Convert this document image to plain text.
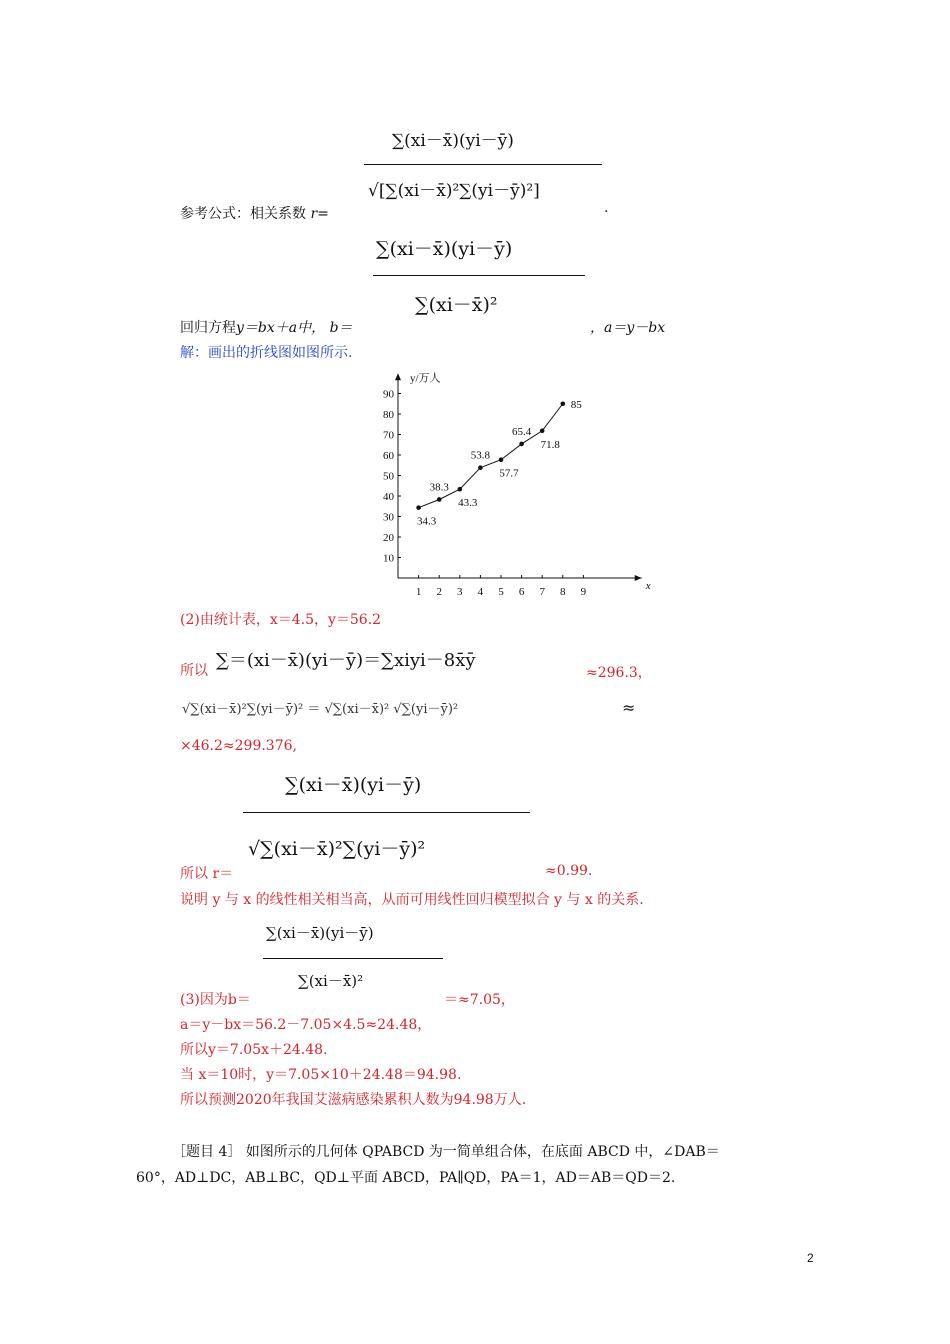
∑(xi－x̄)(yi－ȳ)
√[∑(xi－x̄)²∑(yi－ȳ)²]
参考公式：相关系数 r=	.
∑(xi－x̄)(yi－ȳ)
∑(xi－x̄)²
回归方程y＝bx＋a中， b＝	，a＝y－bx
解：画出的折线图如图所示.
y/万人
x
1 2 3 4 5 6 7 8 9
10
20
30
40
50
60
70
80
90
34.3
38.3
43.3
53.8
57.7
65.4
71.8
85
(2)由统计表，x＝4.5，y＝56.2
所以 ∑＝(xi－x̄)(yi－ȳ)＝∑xiyi－8x̄ȳ
≈296.3，
√∑(xi－x̄)²∑(yi－ȳ)² ＝ √∑(xi－x̄)² √∑(yi－ȳ)²	≈
×46.2≈299.376,
∑(xi－x̄)(yi－ȳ)
√∑(xi－x̄)²∑(yi－ȳ)²
所以 r＝	≈0.99.
说明 y 与 x 的线性相关相当高，从而可用线性回归模型拟合 y 与 x 的关系.
∑(xi－x̄)(yi－ȳ)
∑(xi－x̄)²
(3)因为b＝	＝≈7.05，
a＝y－bx＝56.2－7.05×4.5≈24.48，
所以y＝7.05x＋24.48.
当 x＝10时，y＝7.05×10＋24.48＝94.98.
所以预测2020年我国艾滋病感染累积人数为94.98万人.
［题目 4］ 如图所示的几何体 QPABCD 为一简单组合体，在底面 ABCD 中，∠DAB＝
60°，AD⊥DC，AB⊥BC，QD⊥平面 ABCD，PA∥QD，PA＝1，AD＝AB＝QD＝2.
2
